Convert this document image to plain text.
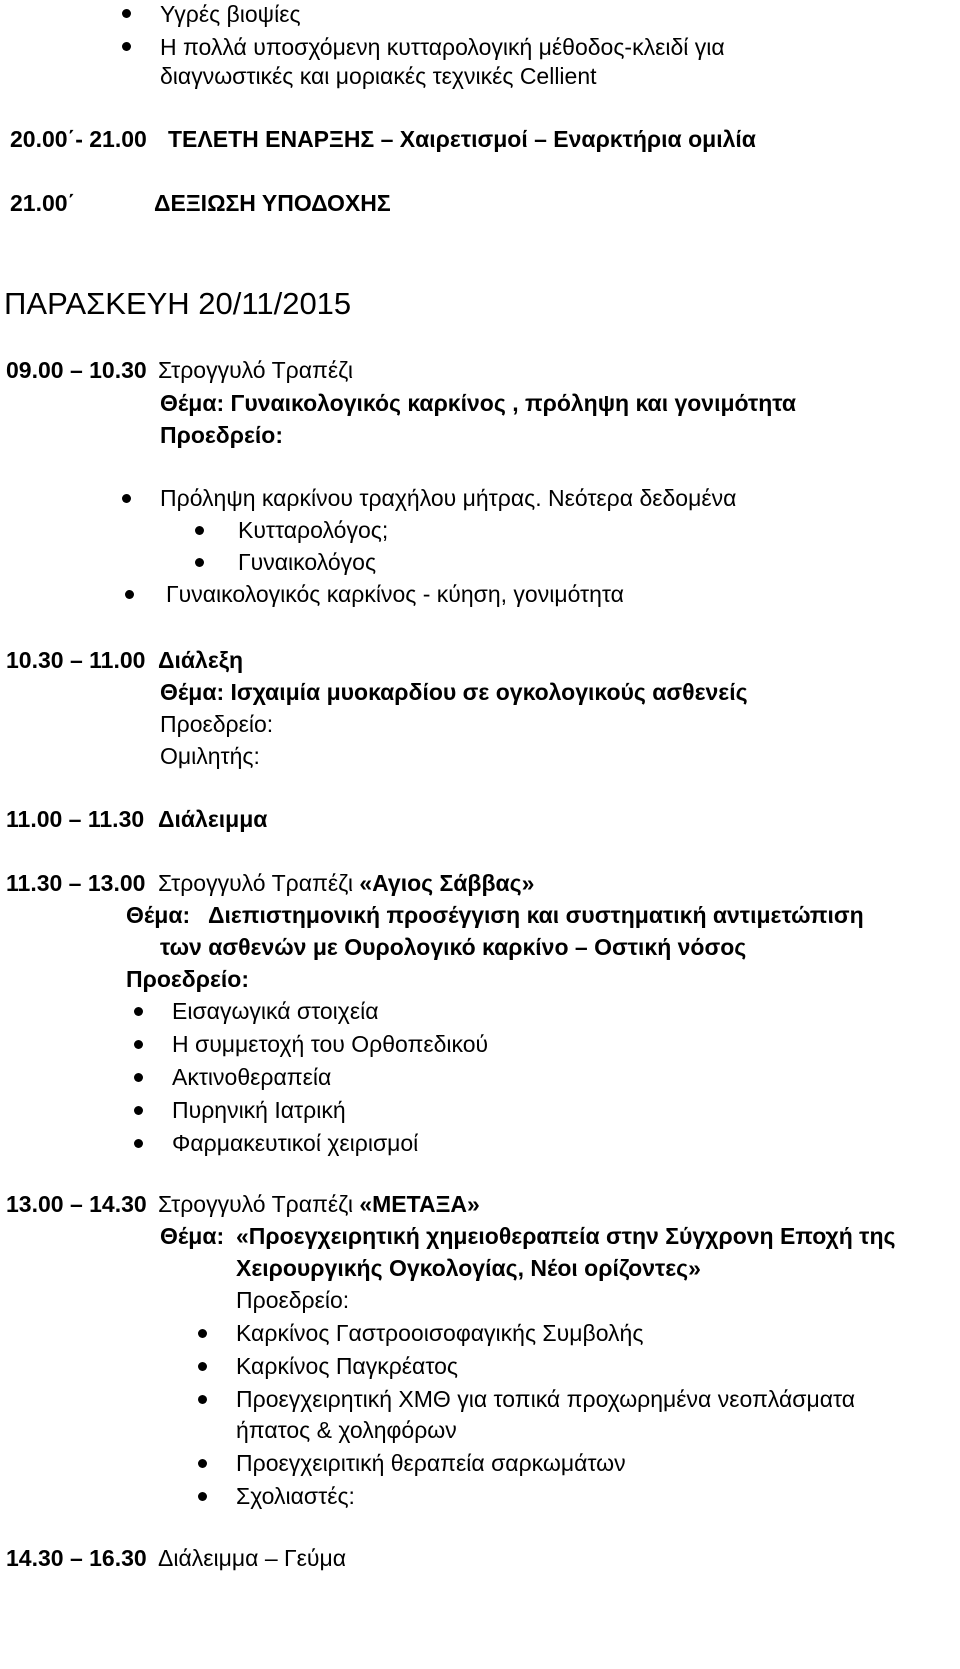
Υγρές βιοψίες
Η πολλά υποσχόμενη κυτταρολογική μέθοδος-κλειδί για
διαγνωστικές και μοριακές τεχνικές Cellient
20.00΄- 21.00 ΤΕΛΕΤΗ ΕΝΑΡΞΗΣ – Χαιρετισμοί – Εναρκτήρια ομιλία
21.00΄	ΔΕΞΙΩΣΗ ΥΠΟΔΟΧΗΣ
ΠΑΡΑΣΚΕΥΗ 20/11/2015
09.00 – 10.30 Στρογγυλό Τραπέζι
Θέμα: Γυναικολογικός καρκίνος , πρόληψη και γονιμότητα
Προεδρείο:
Πρόληψη καρκίνου τραχήλου μήτρας. Νεότερα δεδομένα
Κυτταρολόγος;
Γυναικολόγος
Γυναικολογικός καρκίνος - κύηση, γονιμότητα
10.30 – 11.00 Διάλεξη
Θέμα: Ισχαιμία μυοκαρδίου σε ογκολογικούς ασθενείς
Προεδρείο:
Ομιλητής:
11.00 – 11.30 Διάλειμμα
11.30 – 13.00 Στρογγυλό Τραπέζι «Αγιος Σάββας»
Θέμα: Διεπιστημονική προσέγγιση και συστηματική αντιμετώπιση
των ασθενών με Ουρολογικό καρκίνο – Οστική νόσος
Προεδρείο:
Εισαγωγικά στοιχεία
Η συμμετοχή του Ορθοπεδικού
Ακτινοθεραπεία
Πυρηνική Ιατρική
Φαρμακευτικοί χειρισμοί
13.00 – 14.30 Στρογγυλό Τραπέζι «ΜΕΤΑΞΑ»
Θέμα: «Προεγχειρητική χημειοθεραπεία στην Σύγχρονη Εποχή της
Χειρουργικής Ογκολογίας, Νέοι ορίζοντες»
Προεδρείο:
Καρκίνος Γαστροοισοφαγικής Συμβολής
Καρκίνος Παγκρέατος
Προεγχειρητική ΧΜΘ για τοπικά προχωρημένα νεοπλάσματα
ήπατος & χοληφόρων
Προεγχειριτική θεραπεία σαρκωμάτων
Σχολιαστές:
14.30 – 16.30 Διάλειμμα – Γεύμα
